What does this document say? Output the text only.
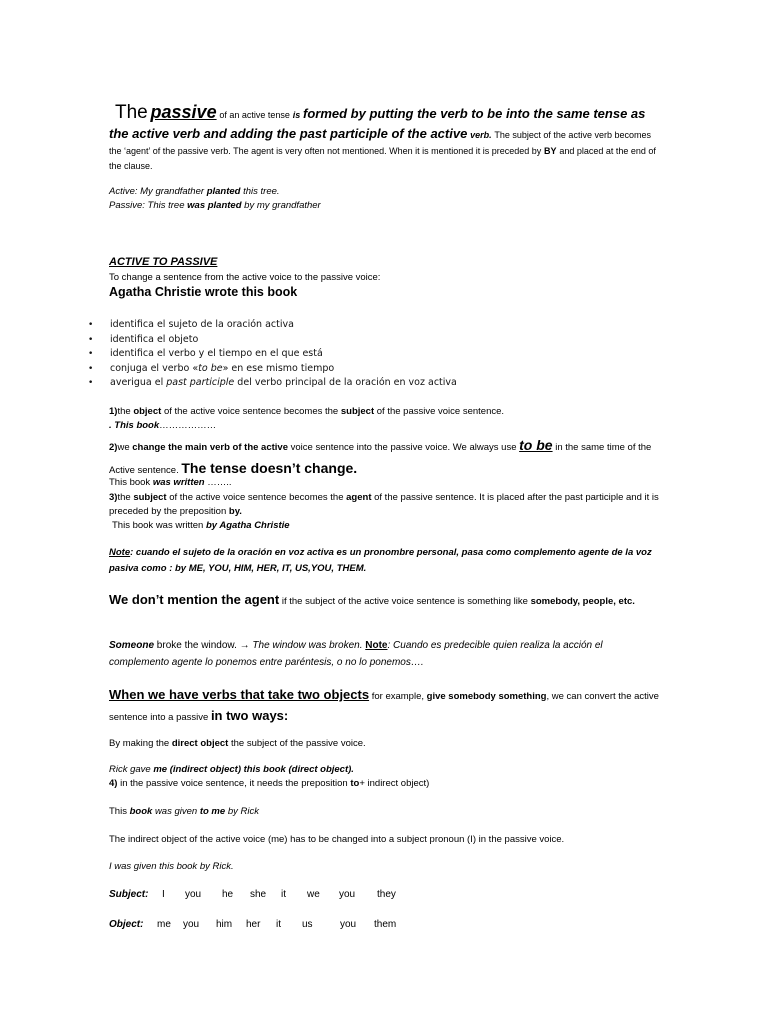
The passive of an active tense is formed by putting the verb to be into the same tense as the active verb and adding the past participle of the active verb. The subject of the active verb becomes the ‘agent’ of the passive verb. The agent is very often not mentioned. When it is mentioned it is preceded by BY and placed at the end of the clause.
Active: My grandfather planted this tree.
Passive: This tree was planted by my grandfather
ACTIVE TO PASSIVE
To change a sentence from the active voice to the passive voice:
Agatha Christie wrote this book
• identifica el sujeto de la oración activa
• identifica el objeto
• identifica el verbo y el tiempo en el que está
• conjuga el verbo «to be» en ese mismo tiempo
• averigua el past participle del verbo principal de la oración en voz activa
1)the object of the active voice sentence becomes the subject of the passive voice sentence.
. This book………………
2)we change the main verb of the active voice sentence into the passive voice. We always use to be in the same time of the Active sentence. The tense doesn’t change.
This book was written ……..
3)the subject of the active voice sentence becomes the agent of the passive sentence. It is placed after the past participle and it is preceded by the preposition by.
This book was written by Agatha Christie
Note: cuando el sujeto de la oración en voz activa es un pronombre personal, pasa como complemento agente de la voz pasiva como : by ME, YOU, HIM, HER, IT, US,YOU, THEM.
We don’t mention the agent if the subject of the active voice sentence is something like somebody, people, etc.
Someone broke the window. → The window was broken. Note: Cuando es predecible quien realiza la acción el complemento agente lo ponemos entre paréntesis, o no lo ponemos….
When we have verbs that take two objects for example, give somebody something, we can convert the active sentence into a passive in two ways:
By making the direct object the subject of the passive voice.
Rick gave me (indirect object) this book (direct object).
4) in the passive voice sentence, it needs the preposition to+ indirect object)
This book was given to me by Rick
The indirect object of the active voice (me) has to be changed into a subject pronoun (I) in the passive voice.
I was given this book by Rick.
Subject: I you he she it we you they
Object: me you him her it us	you them
